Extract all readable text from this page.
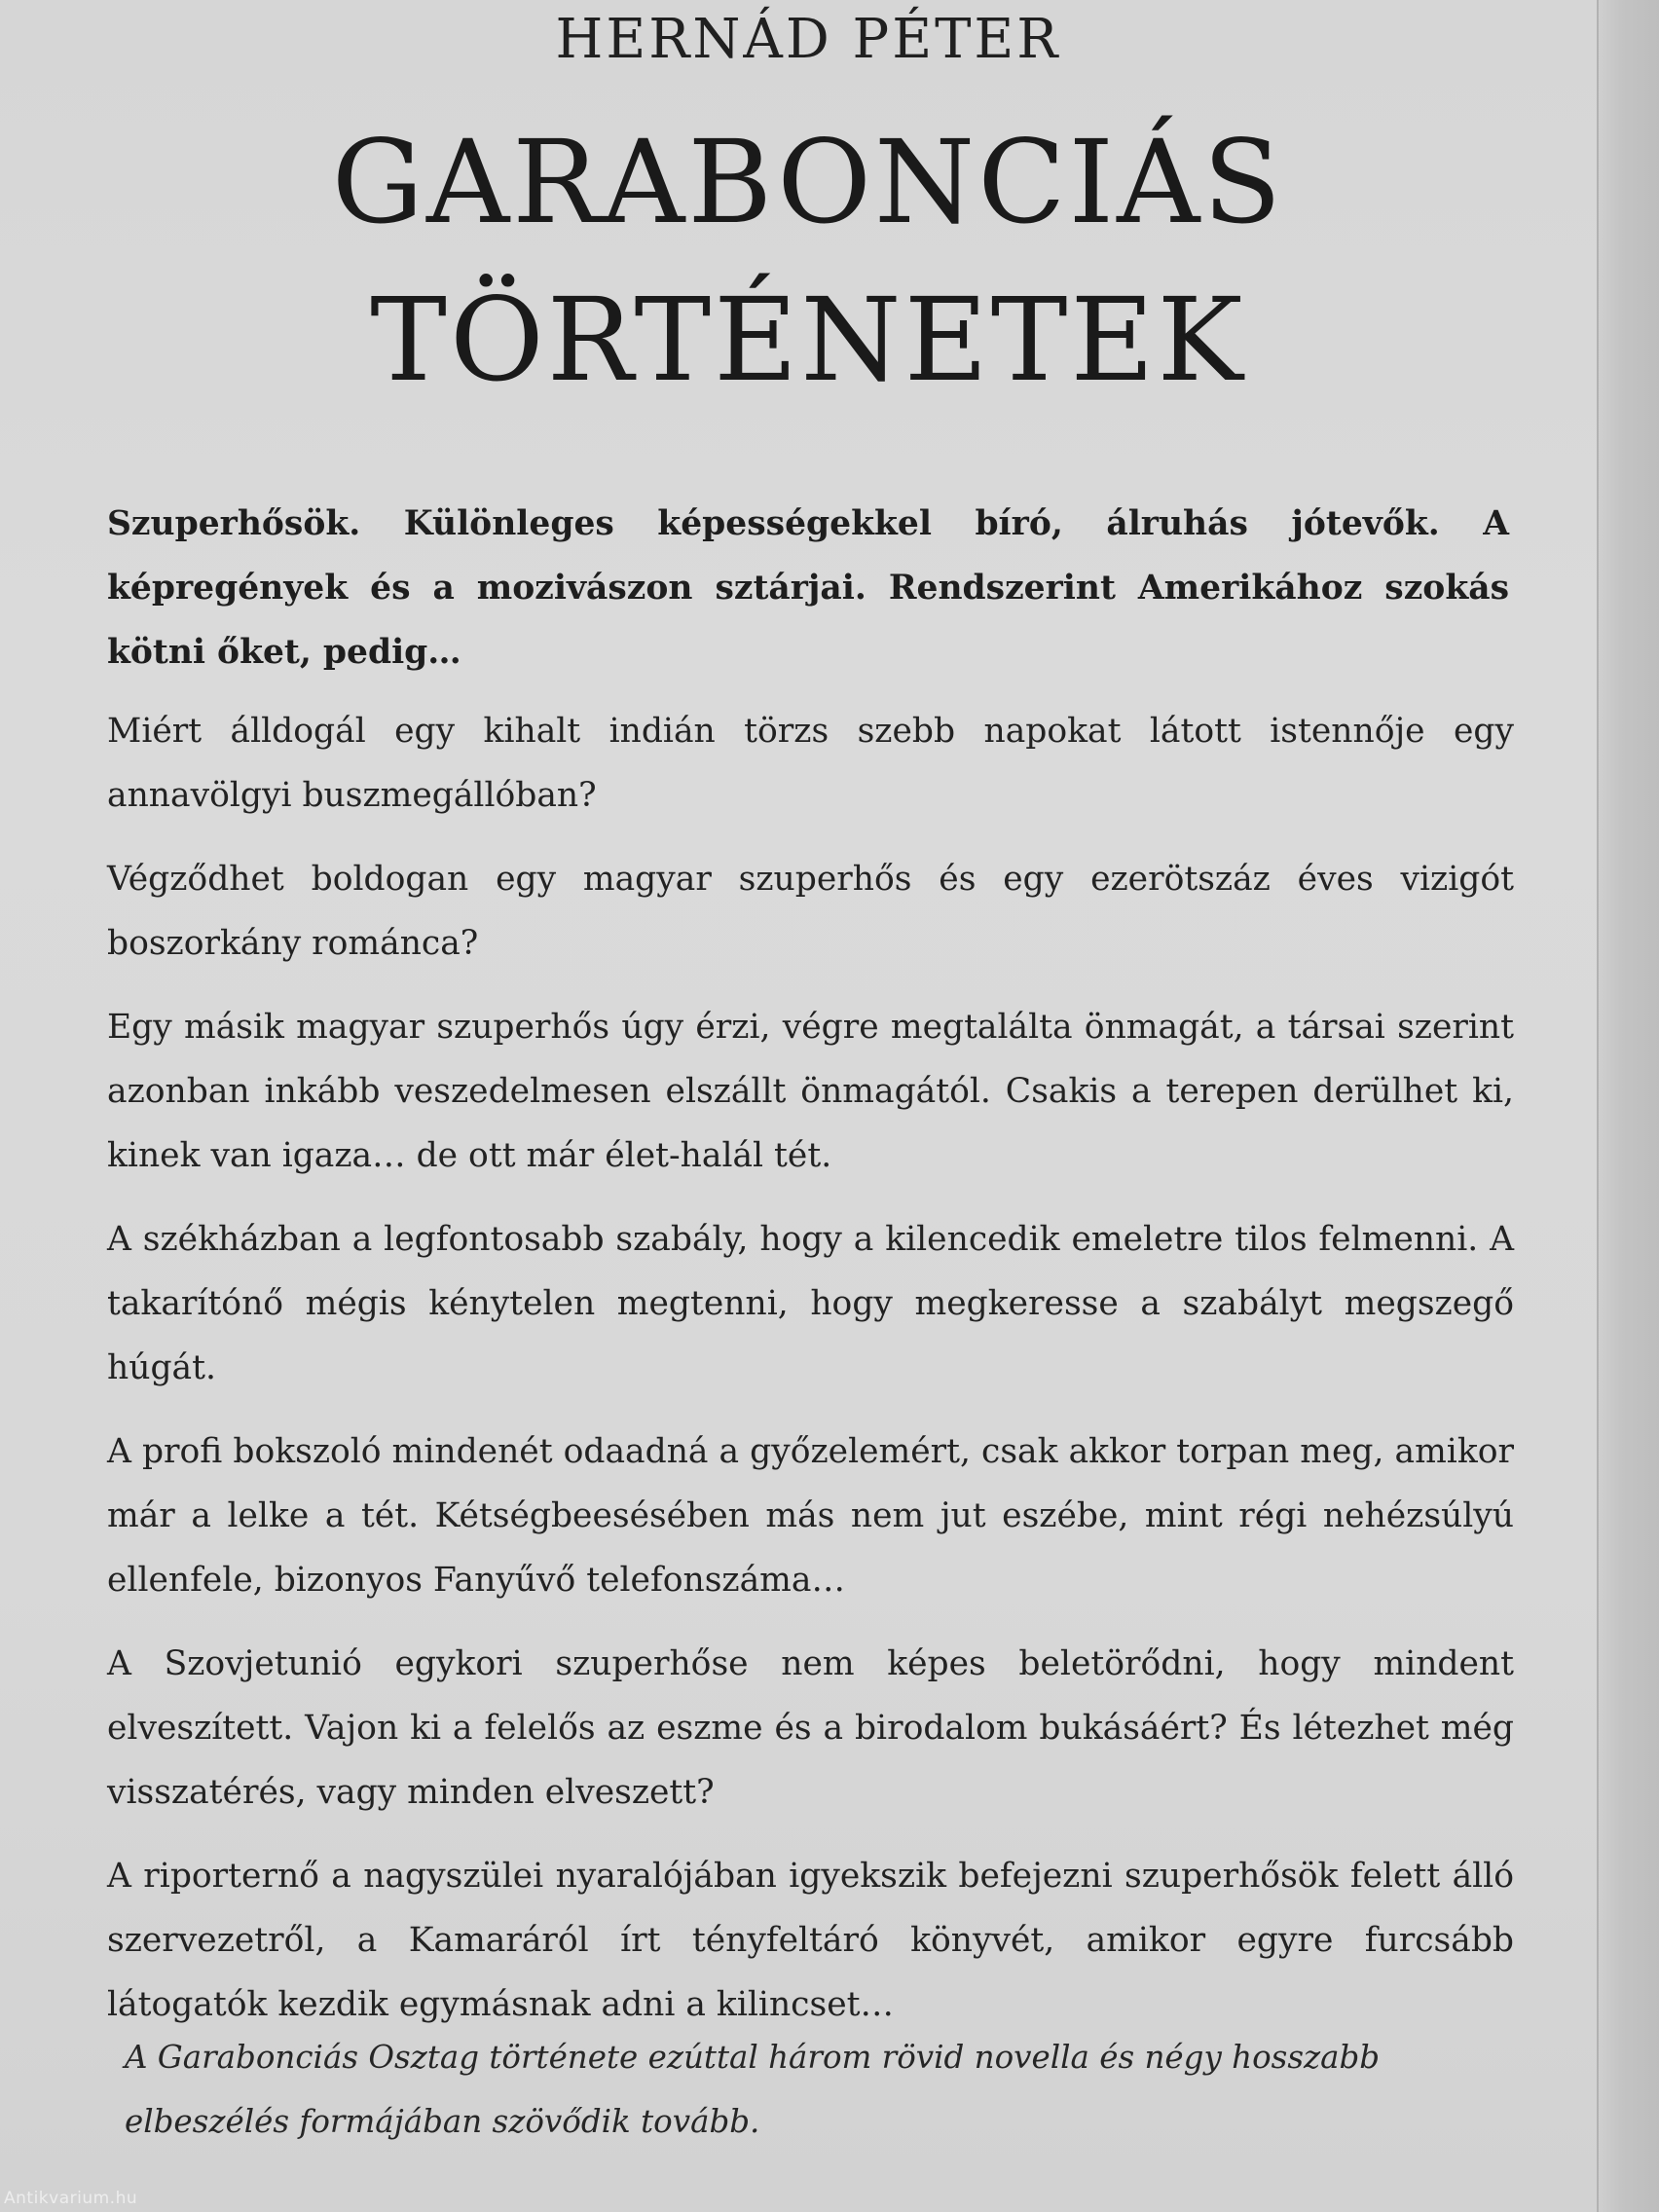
HERNÁD PÉTER
GARABONCIÁS
TÖRTÉNETEK
Szuperhősök. Különleges képességekkel bíró, álruhás jótevők. A képregények és a mozivászon sztárjai. Rendszerint Amerikához szokás kötni őket, pedig…

Miért álldogál egy kihalt indián törzs szebb napokat látott istennője egy annavölgyi buszmegállóban?

Végződhet boldogan egy magyar szuperhős és egy ezerötszáz éves vizigót boszorkány románca?

Egy másik magyar szuperhős úgy érzi, végre megtalálta önmagát, a társai szerint azonban inkább veszedelmesen elszállt önmagától. Csakis a terepen derülhet ki, kinek van igaza… de ott már élet-halál tét.

A székházban a legfontosabb szabály, hogy a kilencedik emeletre tilos felmenni. A takarítónő mégis kénytelen megtenni, hogy megkeresse a szabályt megszegő húgát.

A profi bokszoló mindenét odaadná a győzelemért, csak akkor torpan meg, amikor már a lelke a tét. Kétségbeesésében más nem jut eszébe, mint régi nehézsúlyú ellenfele, bizonyos Fanyűvő telefonszáma…

A Szovjetunió egykori szuperhőse nem képes beletörődni, hogy mindent elveszített. Vajon ki a felelős az eszme és a birodalom bukásáért? És létezhet még visszatérés, vagy minden elveszett?

A riporternő a nagyszülei nyaralójában igyekszik befejezni szuperhősök felett álló szervezetről, a Kamaráról írt tényfeltáró könyvét, amikor egyre furcsább látogatók kezdik egymásnak adni a kilincset…

A Garabonciás Osztag története ezúttal három rövid novella és négy hosszabb elbeszélés formájában szövődik tovább.
Antikvarium.hu
